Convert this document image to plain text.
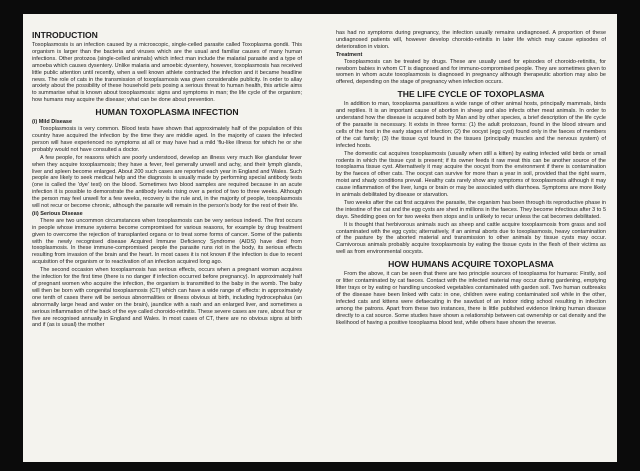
INTRODUCTION

Toxoplasmosis is an infection caused by a microscopic, single-celled parasite called Toxoplasma gondii. This organism is larger than the bacteria and viruses which are the usual and familiar causes of many human infections. Other protozoa (single-celled animals) which infect man include the malarial parasite and a type of amoeba which causes dysentery. Unlike malaria and amoebic dysentery, however, toxoplasmosis has received little public attention until recently, when a well known athlete contracted the infection and it became headline news. The role of cats in the transmission of toxoplasmosis was given considerable publicity. In order to allay anxiety about the possibility of these household pets posing a serious threat to human health, this article aims to summarise what is known about toxoplasmosis: signs and symptoms in man; the life cycle of the organism; how humans may acquire the disease; what can be done about prevention.

HUMAN TOXOPLASMA INFECTION
(i) Mild Disease

Toxoplasmosis is very common. Blood tests have shown that approximately half of the population of this country have acquired the infection by the time they are middle aged. In the majority of cases the infected person will have experienced no symptoms at all or may have had a mild 'flu-like illness for which he or she probably would not have consulted a doctor.

A few people, for reasons which are poorly understood, develop an illness very much like glandular fever when they acquire toxoplasmosis; they have a fever, feel generally unwell and achy, and their lymph glands, liver and spleen become enlarged. About 200 such cases are reported each year in England and Wales. Such people are likely to seek medical help and the diagnosis is usually made by performing special antibody tests (one is called the 'dye' test) on the blood. Sometimes two blood samples are required because in an acute infection it is possible to demonstrate the antibody levels rising over a period of two to three weeks. Although the person may feel unwell for a few weeks, recovery is the rule and, in the majority of people, toxoplasmosis will not recur or become chronic, although the parasite will remain in the person's body for the rest of their life.

(ii) Serious Disease

There are two uncommon circumstances when toxoplasmosis can be very serious indeed. The first occurs in people whose immune systems become compromised for various reasons, for example by drug treatment given to overcome the rejection of transplanted organs or to treat some forms of cancer. Some of the patients with the newly recognised disease Acquired Immune Deficiency Syndrome (AIDS) have died from toxoplasmosis. In these immune-compromised people the parasite runs riot in the body, its serious effects resulting from invasion of the brain and the heart. In most cases it is not known if the infection is due to recent acquisition of the organism or to reactivation of an infection acquired long ago.

The second occasion when toxoplasmosis has serious effects, occurs when a pregnant woman acquires the infection for the first time (there is no danger if infection occurred before pregnancy). In approximately half of pregnant women who acquire the infection, the organism is transmitted to the baby in the womb. The baby will then be born with congenital toxoplasmosis (CT) which can have a wide range of effects: in approximately one tenth of cases there will be serious abnormalities or illness obvious at birth, including hydrocephalus (an abnormally large head and water on the brain), jaundice with a rash and an enlarged liver, and sometimes a serious inflammation of the back of the eye called choroido-retinitis. These severe cases are rare, about four or five are recognised annually in England and Wales. In most cases of CT, there are no obvious signs at birth and if (as is usual) the mother

has had no symptoms during pregnancy, the infection usually remains undiagnosed. A proportion of these undiagnosed patients will, however develop choroido-retinitis in later life which may cause episodes of deterioration in vision.

Treatment

Toxoplasmosis can be treated by drugs. These are usually used for episodes of choroido-retinitis, for newborn babies in whom CT is diagnosed and for immuno-compromised people. They are sometimes given to women in whom acute toxoplasmosis is diagnosed in pregnancy although therapeutic abortion may also be offered, depending on the stage of pregnancy when infection occurs.

THE LIFE CYCLE OF TOXOPLASMA

In addition to man, toxoplasma parasitizes a wide range of other animal hosts, principally mammals, birds and reptiles. It is an important cause of abortion in sheep and also infects other meat animals. In order to understand how the disease is acquired both by Man and by other species, a brief description of the life cycle of the parasite is necessary. It exists in three forms: (1) the adult protozoan, found in the blood stream and cells of the host in the early stages of infection; (2) the oocyst (egg cyst) found only in the faeces of members of the cat family; (3) the tissue cyst found in the tissues (principally muscles and the nervous system) of infected hosts.

The domestic cat acquires toxoplasmosis (usually when still a kitten) by eating infected wild birds or small rodents in which the tissue cyst is present; if its owner feeds it raw meat this can be another source of the toxoplasma tissue cyst. Alternatively it may acquire the oocyst from the environment if there is contamination by the faeces of other cats. The oocyst can survive for more than a year in soil, provided that the right warm, moist and shady conditions prevail. Healthy cats rarely show any symptoms of toxoplasmosis although it may cause inflammation of the liver, lungs or brain or may be associated with diarrhoea. Symptoms are more likely in animals debilitated by disease or starvation.

Two weeks after the cat first acquires the parasite, the organism has been through its reproductive phase in the intestine of the cat and the egg cysts are shed in millions in the faeces. They become infectious after 3 to 5 days. Shedding goes on for two weeks then stops and is unlikely to recur unless the cat becomes debilitated.

It is thought that herbivorous animals such as sheep and cattle acquire toxoplasmosis from grass and soil contaminated with the egg cysts; alternatively, if an animal aborts due to toxoplasmosis, heavy contamination of the pasture by the aborted material and transmission to other animals by tissue cysts may occur. Carnivorous animals probably acquire toxoplasmosis by eating the tissue cysts in the flesh of their victims as well as from environmental oocysts.

HOW HUMANS ACQUIRE TOXOPLASMA

From the above, it can be seen that there are two principle sources of toxoplasma for humans: Firstly, soil or litter contaminated by cat faeces. Contact with the infected material may occur during gardening, emptying litter trays or by eating or handling uncooked vegetables contaminated with garden soil. Two human outbreaks of the disease have been linked with cats: in one, children were eating contaminated soil while in the other, infected cats and kittens were defaecating in the sawdust of an indoor riding school resulting in infection among the patrons. Apart from these two instances, there is little published evidence linking human disease directly to a cat source. Some studies have shown a relationship between cat ownership or cat density and the likelihood of having a positive toxoplasma blood test, while others have shown the reverse.
